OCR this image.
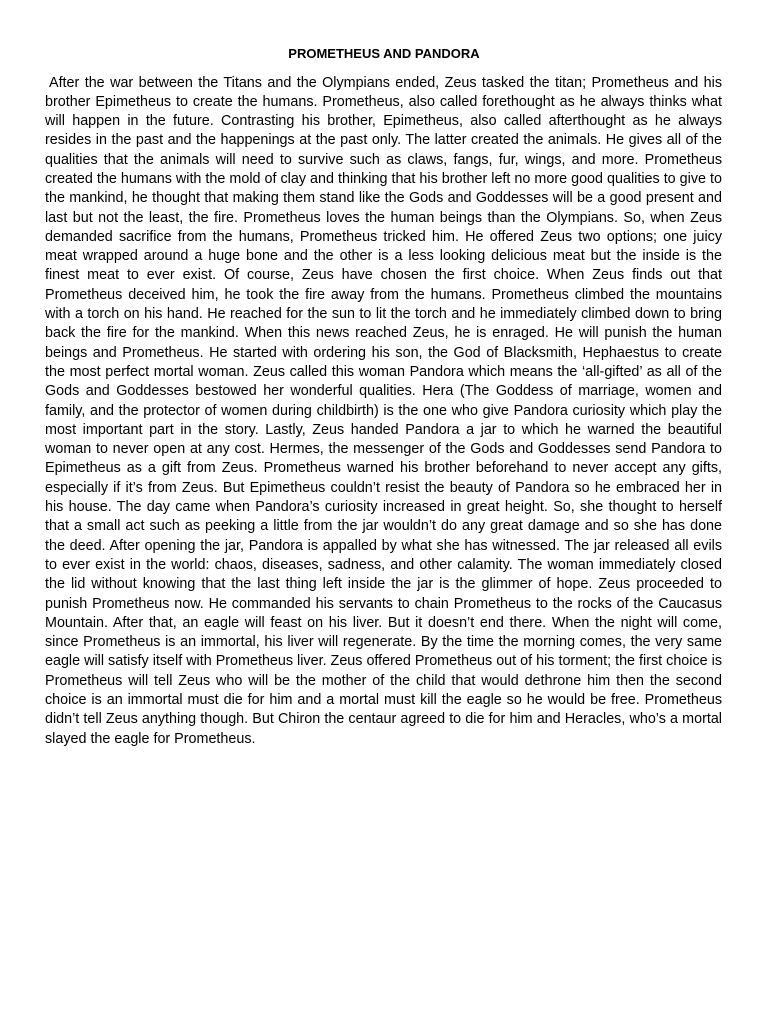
PROMETHEUS AND PANDORA

After the war between the Titans and the Olympians ended, Zeus tasked the titan; Prometheus and his brother Epimetheus to create the humans. Prometheus, also called forethought as he always thinks what will happen in the future. Contrasting his brother, Epimetheus, also called afterthought as he always resides in the past and the happenings at the past only. The latter created the animals. He gives all of the qualities that the animals will need to survive such as claws, fangs, fur, wings, and more. Prometheus created the humans with the mold of clay and thinking that his brother left no more good qualities to give to the mankind, he thought that making them stand like the Gods and Goddesses will be a good present and last but not the least, the fire. Prometheus loves the human beings than the Olympians. So, when Zeus demanded sacrifice from the humans, Prometheus tricked him. He offered Zeus two options; one juicy meat wrapped around a huge bone and the other is a less looking delicious meat but the inside is the finest meat to ever exist. Of course, Zeus have chosen the first choice. When Zeus finds out that Prometheus deceived him, he took the fire away from the humans. Prometheus climbed the mountains with a torch on his hand. He reached for the sun to lit the torch and he immediately climbed down to bring back the fire for the mankind. When this news reached Zeus, he is enraged. He will punish the human beings and Prometheus. He started with ordering his son, the God of Blacksmith, Hephaestus to create the most perfect mortal woman. Zeus called this woman Pandora which means the ‘all-gifted’ as all of the Gods and Goddesses bestowed her wonderful qualities. Hera (The Goddess of marriage, women and family, and the protector of women during childbirth) is the one who give Pandora curiosity which play the most important part in the story. Lastly, Zeus handed Pandora a jar to which he warned the beautiful woman to never open at any cost. Hermes, the messenger of the Gods and Goddesses send Pandora to Epimetheus as a gift from Zeus. Prometheus warned his brother beforehand to never accept any gifts, especially if it’s from Zeus. But Epimetheus couldn’t resist the beauty of Pandora so he embraced her in his house. The day came when Pandora’s curiosity increased in great height. So, she thought to herself that a small act such as peeking a little from the jar wouldn’t do any great damage and so she has done the deed. After opening the jar, Pandora is appalled by what she has witnessed. The jar released all evils to ever exist in the world: chaos, diseases, sadness, and other calamity. The woman immediately closed the lid without knowing that the last thing left inside the jar is the glimmer of hope. Zeus proceeded to punish Prometheus now. He commanded his servants to chain Prometheus to the rocks of the Caucasus Mountain. After that, an eagle will feast on his liver. But it doesn’t end there. When the night will come, since Prometheus is an immortal, his liver will regenerate. By the time the morning comes, the very same eagle will satisfy itself with Prometheus liver. Zeus offered Prometheus out of his torment; the first choice is Prometheus will tell Zeus who will be the mother of the child that would dethrone him then the second choice is an immortal must die for him and a mortal must kill the eagle so he would be free. Prometheus didn’t tell Zeus anything though. But Chiron the centaur agreed to die for him and Heracles, who’s a mortal slayed the eagle for Prometheus.
